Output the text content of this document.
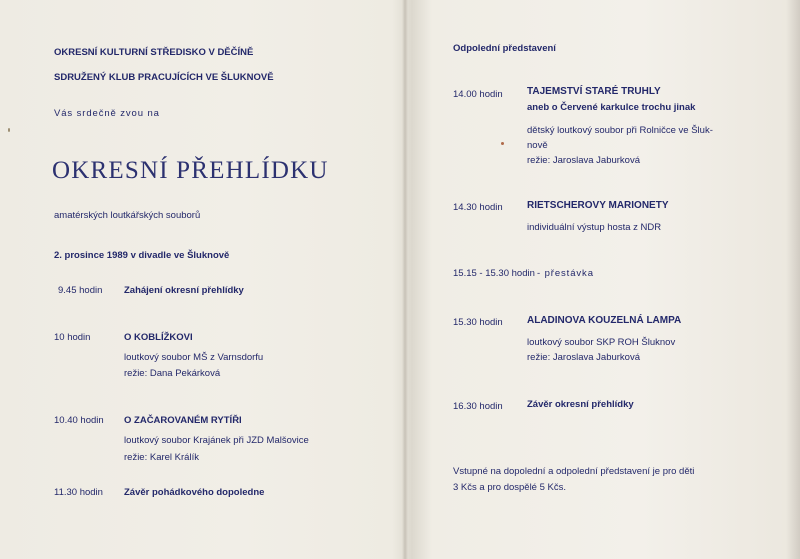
OKRESNÍ KULTURNÍ STŘEDISKO V DĚČÍNĚ
SDRUŽENÝ KLUB PRACUJÍCÍCH VE ŠLUKNOVĚ
Vás srdečně zvou na
OKRESNÍ PŘEHLÍDKU
amatérských loutkářských souborů
2. prosince 1989 v divadle ve Šluknově
9.45 hodin Zahájení okresní přehlídky
10 hodin	O KOBLÍŽKOVI
loutkový soubor MŠ z Varnsdorfu
režie: Dana Pekárková
10.40 hodin O ZAČAROVANÉM RYTÍŘI
loutkový soubor Krajánek při JZD Malšovice
režie: Karel Králík
11.30 hodin Závěr pohádkového dopoledne
Odpolední představení
14.00 hodin TAJEMSTVÍ STARÉ TRUHLY
aneb o Červené karkulce trochu jinak
dětský loutkový soubor při Rolničce ve Šluk-
nově
režie: Jaroslava Jaburková
14.30 hodin RIETSCHEROVY MARIONETY
individuální výstup hosta z NDR
15.15 - 15.30 hodin - přestávka
15.30 hodin ALADINOVA KOUZELNÁ LAMPA
loutkový soubor SKP ROH Šluknov
režie: Jaroslava Jaburková
16.30 hodin	Závěr okresní přehlídky
Vstupné na dopolední a odpolední představení je pro děti
3 Kčs a pro dospělé 5 Kčs.
